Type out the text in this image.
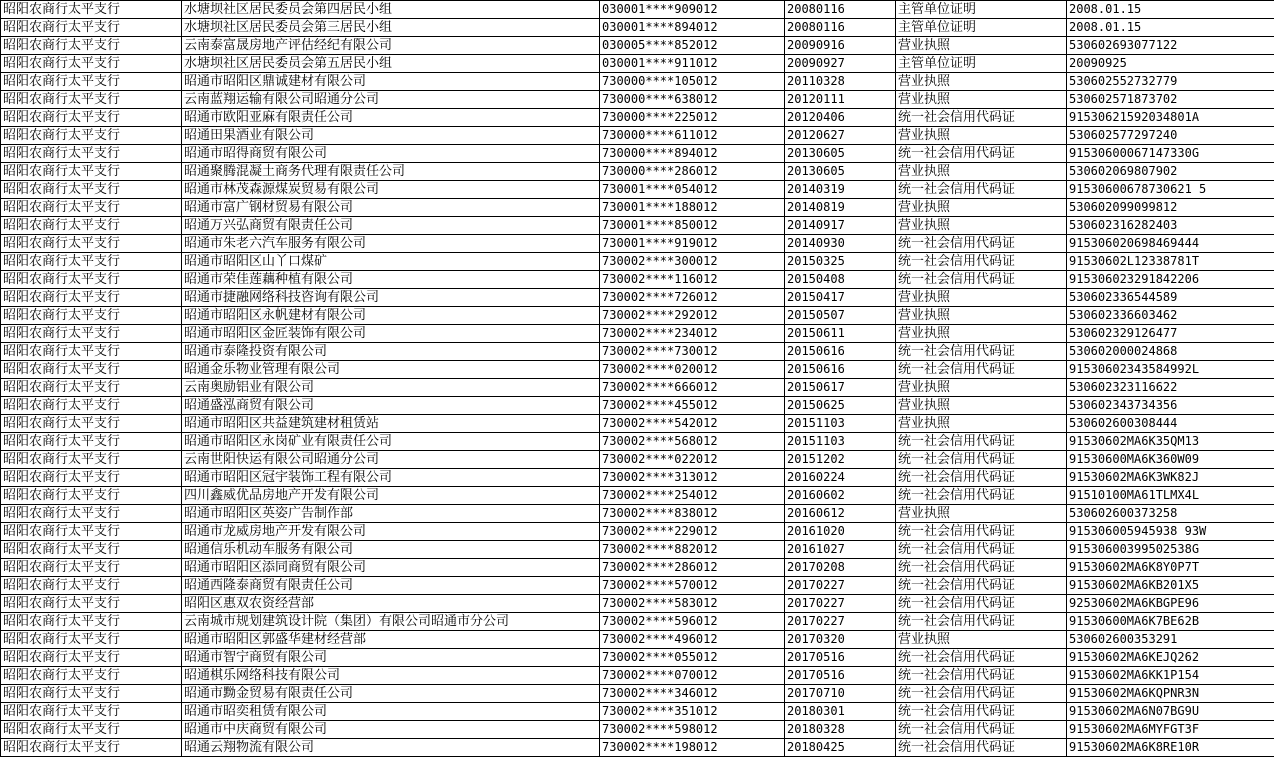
昭阳农商行太平支行	水塘坝社区居民委员会第四居民小组	030001****909012	20080116	主管单位证明	2008.01.15
昭阳农商行太平支行	水塘坝社区居民委员会第三居民小组	030001****894012	20080116	主管单位证明	2008.01.15
昭阳农商行太平支行	云南泰富晟房地产评估经纪有限公司	030005****852012	20090916	营业执照	530602693077122
昭阳农商行太平支行	水塘坝社区居民委员会第五居民小组	030001****911012	20090927	主管单位证明	20090925
昭阳农商行太平支行	昭通市昭阳区鼎诚建材有限公司	730000****105012	20110328	营业执照	530602552732779
昭阳农商行太平支行	云南蓝翔运输有限公司昭通分公司	730000****638012	20120111	营业执照	530602571873702
昭阳农商行太平支行	昭通市欧阳亚麻有限责任公司	730000****225012	20120406	统一社会信用代码证	91530621592034801A
昭阳农商行太平支行	昭通田果酒业有限公司	730000****611012	20120627	营业执照	530602577297240
昭阳农商行太平支行	昭通市昭得商贸有限公司	730000****894012	20130605	统一社会信用代码证	91530600067147330G
昭阳农商行太平支行	昭通聚腾混凝土商务代理有限责任公司	730000****286012	20130605	营业执照	530602069807902
昭阳农商行太平支行	昭通市林茂森源煤炭贸易有限公司	730001****054012	20140319	统一社会信用代码证	91530600678730621 5
昭阳农商行太平支行	昭通市富广钢材贸易有限公司	730001****188012	20140819	营业执照	530602099099812
昭阳农商行太平支行	昭通万兴弘商贸有限责任公司	730001****850012	20140917	营业执照	530602316282403
昭阳农商行太平支行	昭通市朱老六汽车服务有限公司	730001****919012	20140930	统一社会信用代码证	915306020698469444
昭阳农商行太平支行	昭通市昭阳区山丫口煤矿	730002****300012	20150325	统一社会信用代码证	91530602L12338781T
昭阳农商行太平支行	昭通市荣佳莲藕种植有限公司	730002****116012	20150408	统一社会信用代码证	915306023291842206
昭阳农商行太平支行	昭通市捷融网络科技咨询有限公司	730002****726012	20150417	营业执照	530602336544589
昭阳农商行太平支行	昭通市昭阳区永帆建材有限公司	730002****292012	20150507	营业执照	530602336603462
昭阳农商行太平支行	昭通市昭阳区金匠装饰有限公司	730002****234012	20150611	营业执照	530602329126477
昭阳农商行太平支行	昭通市泰隆投资有限公司	730002****730012	20150616	统一社会信用代码证	530602000024868
昭阳农商行太平支行	昭通金乐物业管理有限公司	730002****020012	20150616	统一社会信用代码证	91530602343584992L
昭阳农商行太平支行	云南奥励铝业有限公司	730002****666012	20150617	营业执照	530602323116622
昭阳农商行太平支行	昭通盛泓商贸有限公司	730002****455012	20150625	营业执照	530602343734356
昭阳农商行太平支行	昭通市昭阳区共益建筑建材租赁站	730002****542012	20151103	营业执照	530602600308444
昭阳农商行太平支行	昭通市昭阳区永岗矿业有限责任公司	730002****568012	20151103	统一社会信用代码证	91530602MA6K35QM13
昭阳农商行太平支行	云南世阳快运有限公司昭通分公司	730002****022012	20151202	统一社会信用代码证	91530600MA6K360W09
昭阳农商行太平支行	昭通市昭阳区冠宇装饰工程有限公司	730002****313012	20160224	统一社会信用代码证	91530602MA6K3WK82J
昭阳农商行太平支行	四川鑫威优品房地产开发有限公司	730002****254012	20160602	统一社会信用代码证	91510100MA61TLMX4L
昭阳农商行太平支行	昭通市昭阳区英姿广告制作部	730002****838012	20160612	营业执照	530602600373258
昭阳农商行太平支行	昭通市龙威房地产开发有限公司	730002****229012	20161020	统一社会信用代码证	915306005945938 93W
昭阳农商行太平支行	昭通信乐机动车服务有限公司	730002****882012	20161027	统一社会信用代码证	91530600399502538G
昭阳农商行太平支行	昭通市昭阳区添同商贸有限公司	730002****286012	20170208	统一社会信用代码证	91530602MA6K8Y0P7T
昭阳农商行太平支行	昭通西隆泰商贸有限责任公司	730002****570012	20170227	统一社会信用代码证	91530602MA6KB201X5
昭阳农商行太平支行	昭阳区惠双农资经营部	730002****583012	20170227	统一社会信用代码证	92530602MA6KBGPE96
昭阳农商行太平支行	云南城市规划建筑设计院（集团）有限公司昭通市分公司	730002****596012	20170227	统一社会信用代码证	91530600MA6K7BE62B
昭阳农商行太平支行	昭通市昭阳区郭盛华建材经营部	730002****496012	20170320	营业执照	530602600353291
昭阳农商行太平支行	昭通市智宁商贸有限公司	730002****055012	20170516	统一社会信用代码证	91530602MA6KEJQ262
昭阳农商行太平支行	昭通棋乐网络科技有限公司	730002****070012	20170516	统一社会信用代码证	91530602MA6KK1P154
昭阳农商行太平支行	昭通市黝金贸易有限责任公司	730002****346012	20170710	统一社会信用代码证	91530602MA6KQPNR3N
昭阳农商行太平支行	昭通市昭奕租赁有限公司	730002****351012	20180301	统一社会信用代码证	91530602MA6N07BG9U
昭阳农商行太平支行	昭通市中庆商贸有限公司	730002****598012	20180328	统一社会信用代码证	91530602MA6MYFGT3F
昭阳农商行太平支行	昭通云翔物流有限公司	730002****198012	20180425	统一社会信用代码证	91530602MA6K8RE10R
